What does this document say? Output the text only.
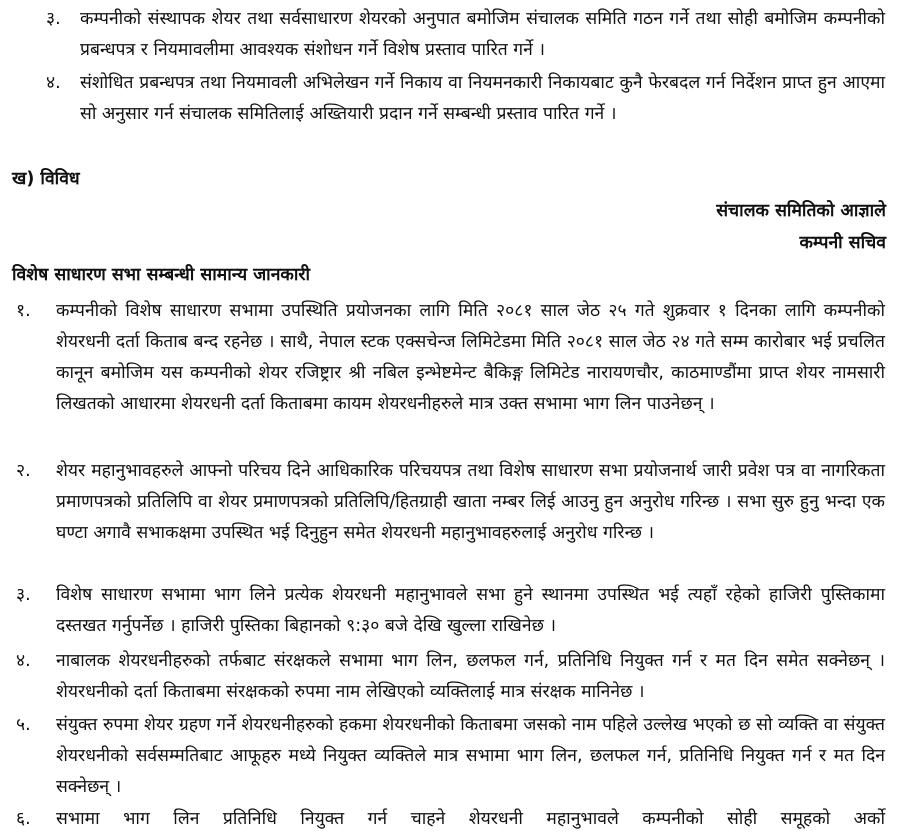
३. कम्पनीको संस्थापक शेयर तथा सर्वसाधारण शेयरको अनुपात बमोजिम संचालक समिति गठन गर्ने तथा सोही बमोजिम कम्पनीको प्रबन्धपत्र र नियमावलीमा आवश्यक संशोधन गर्ने विशेष प्रस्ताव पारित गर्ने ।
४. संशोधित प्रबन्धपत्र तथा नियमावली अभिलेखन गर्ने निकाय वा नियमनकारी निकायबाट कुनै फेरबदल गर्न निर्देशन प्राप्त हुन आएमा सो अनुसार गर्न संचालक समितिलाई अख्तियारी प्रदान गर्ने सम्बन्धी प्रस्ताव पारित गर्ने ।
ख) विविध
संचालक समितिको आज्ञाले
कम्पनी सचिव
विशेष साधारण सभा सम्बन्धी सामान्य जानकारी
१. कम्पनीको विशेष साधारण सभामा उपस्थिति प्रयोजनका लागि मिति २०८१ साल जेठ २५ गते शुक्रवार १ दिनका लागि कम्पनीको शेयरधनी दर्ता किताब बन्द रहनेछ । साथै, नेपाल स्टक एक्सचेन्ज लिमिटेडमा मिति २०८१ साल जेठ २४ गते सम्म कारोबार भई प्रचलित कानून बमोजिम यस कम्पनीको शेयर रजिष्ट्रार श्री नबिल इन्भेष्टमेन्ट बैकिङ्ग लिमिटेड नारायणचौर, काठमाण्डौंमा प्राप्त शेयर नामसारी लिखतको आधारमा शेयरधनी दर्ता किताबमा कायम शेयरधनीहरुले मात्र उक्त सभामा भाग लिन पाउनेछन् ।
२. शेयर महानुभावहरुले आफ्नो परिचय दिने आधिकारिक परिचयपत्र तथा विशेष साधारण सभा प्रयोजनार्थ जारी प्रवेश पत्र वा नागरिकता प्रमाणपत्रको प्रतिलिपि वा शेयर प्रमाणपत्रको प्रतिलिपि/हितग्राही खाता नम्बर लिई आउनु हुन अनुरोध गरिन्छ । सभा सुरु हुनु भन्दा एक घण्टा अगावै सभाकक्षमा उपस्थित भई दिनुहुन समेत शेयरधनी महानुभावहरुलाई अनुरोध गरिन्छ ।
३. विशेष साधारण सभामा भाग लिने प्रत्येक शेयरधनी महानुभावले सभा हुने स्थानमा उपस्थित भई त्यहाँ रहेको हाजिरी पुस्तिकामा दस्तखत गर्नुपर्नेछ । हाजिरी पुस्तिका बिहानको ९:३० बजे देखि खुल्ला राखिनेछ ।
४. नाबालक शेयरधनीहरुको तर्फबाट संरक्षकले सभामा भाग लिन, छलफल गर्न, प्रतिनिधि नियुक्त गर्न र मत दिन समेत सक्नेछन् । शेयरधनीको दर्ता किताबमा संरक्षकको रुपमा नाम लेखिएको व्यक्तिलाई मात्र संरक्षक मानिनेछ ।
५. संयुक्त रुपमा शेयर ग्रहण गर्ने शेयरधनीहरुको हकमा शेयरधनीको किताबमा जसको नाम पहिले उल्लेख भएको छ सो व्यक्ति वा संयुक्त शेयरधनीको सर्वसम्मतिबाट आफूहरु मध्ये नियुक्त व्यक्तिले मात्र सभामा भाग लिन, छलफल गर्न, प्रतिनिधि नियुक्त गर्न र मत दिन सक्नेछन् ।
६. सभामा भाग लिन प्रतिनिधि नियुक्त गर्न चाहने शेयरधनी महानुभावले कम्पनीको सोही समूहको अर्को
